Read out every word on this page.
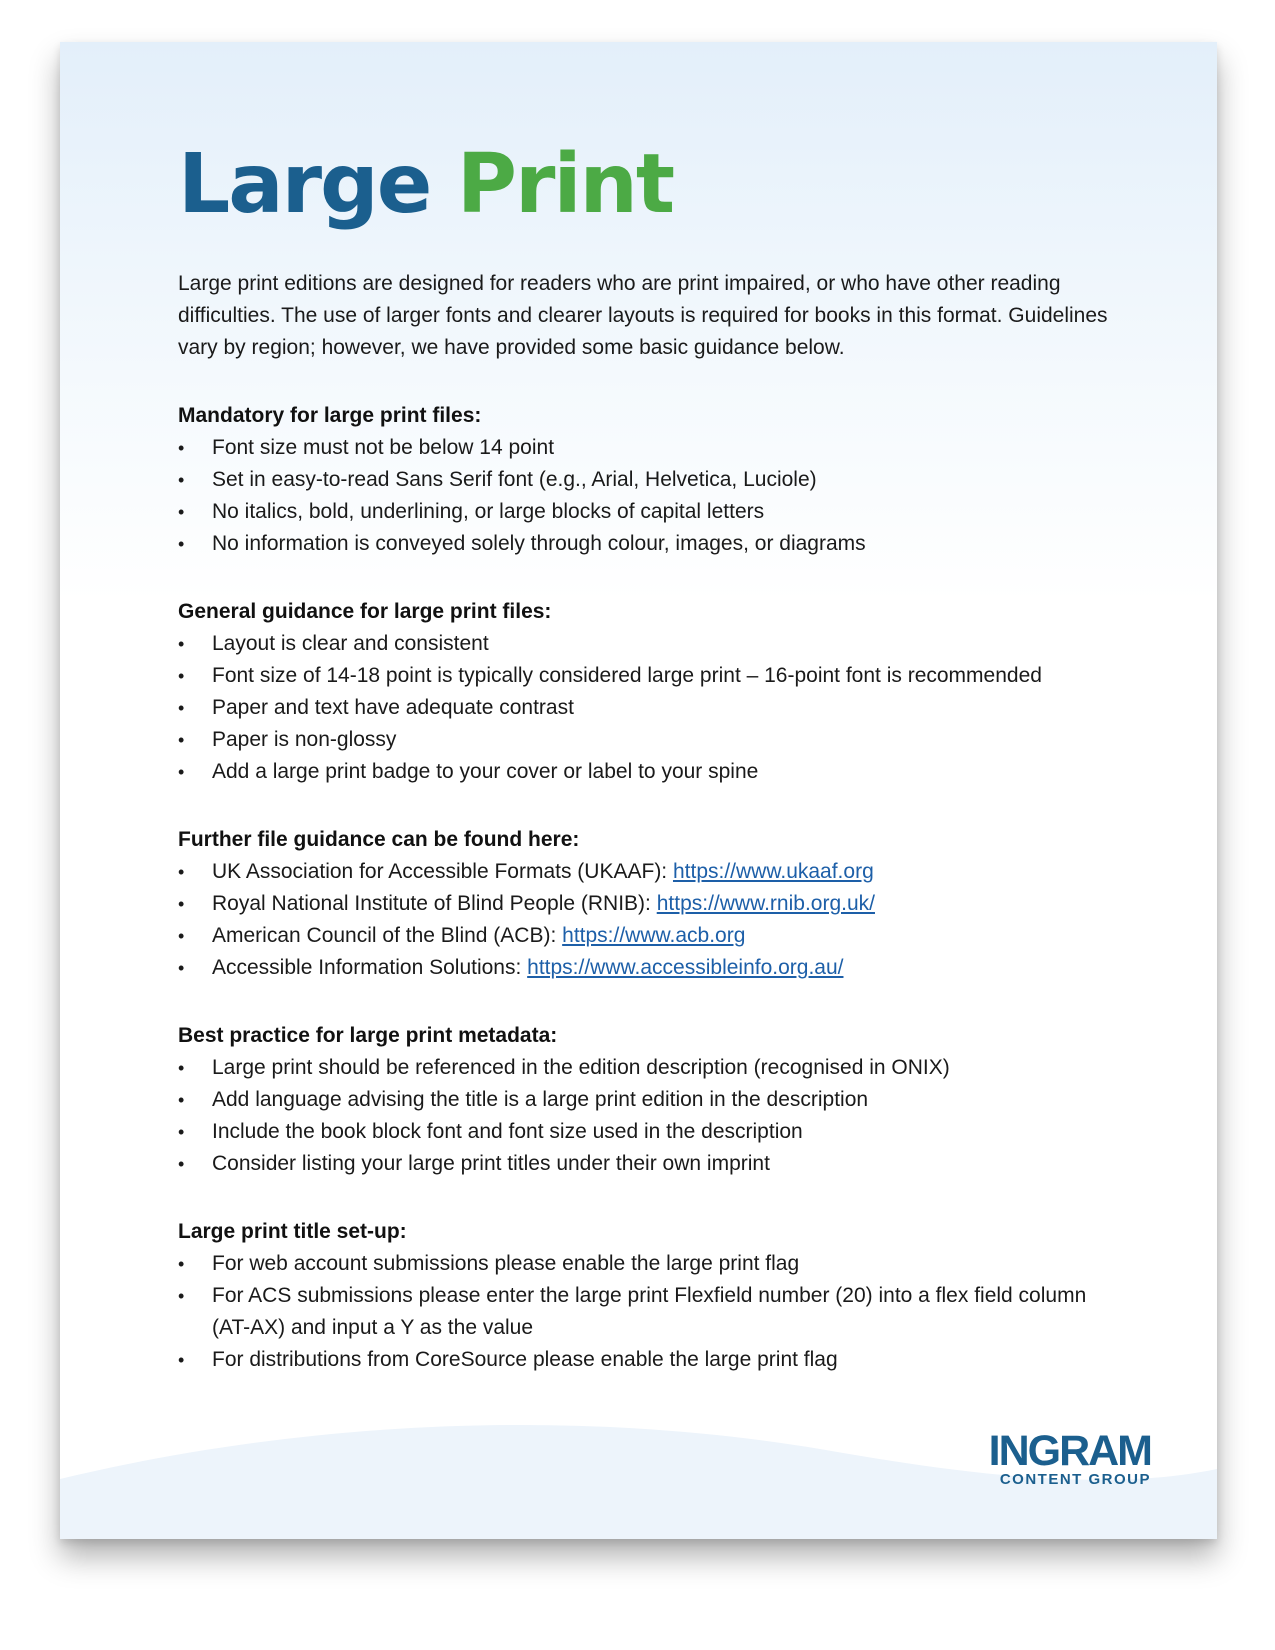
Large Print

Large print editions are designed for readers who are print impaired, or who have other reading difficulties. The use of larger fonts and clearer layouts is required for books in this format. Guidelines vary by region; however, we have provided some basic guidance below.

Mandatory for large print files:
• Font size must not be below 14 point
• Set in easy-to-read Sans Serif font (e.g., Arial, Helvetica, Luciole)
• No italics, bold, underlining, or large blocks of capital letters
• No information is conveyed solely through colour, images, or diagrams
General guidance for large print files:
• Layout is clear and consistent
• Font size of 14-18 point is typically considered large print – 16-point font is recommended
• Paper and text have adequate contrast
• Paper is non-glossy
• Add a large print badge to your cover or label to your spine
Further file guidance can be found here:
• UK Association for Accessible Formats (UKAAF): https://www.ukaaf.org
• Royal National Institute of Blind People (RNIB): https://www.rnib.org.uk/
• American Council of the Blind (ACB): https://www.acb.org
• Accessible Information Solutions: https://www.accessibleinfo.org.au/
Best practice for large print metadata:
• Large print should be referenced in the edition description (recognised in ONIX)
• Add language advising the title is a large print edition in the description
• Include the book block font and font size used in the description
• Consider listing your large print titles under their own imprint
Large print title set-up:
• For web account submissions please enable the large print flag
• For ACS submissions please enter the large print Flexfield number (20) into a flex field column (AT-AX) and input a Y as the value
• For distributions from CoreSource please enable the large print flag
INGRAM
CONTENT GROUP
